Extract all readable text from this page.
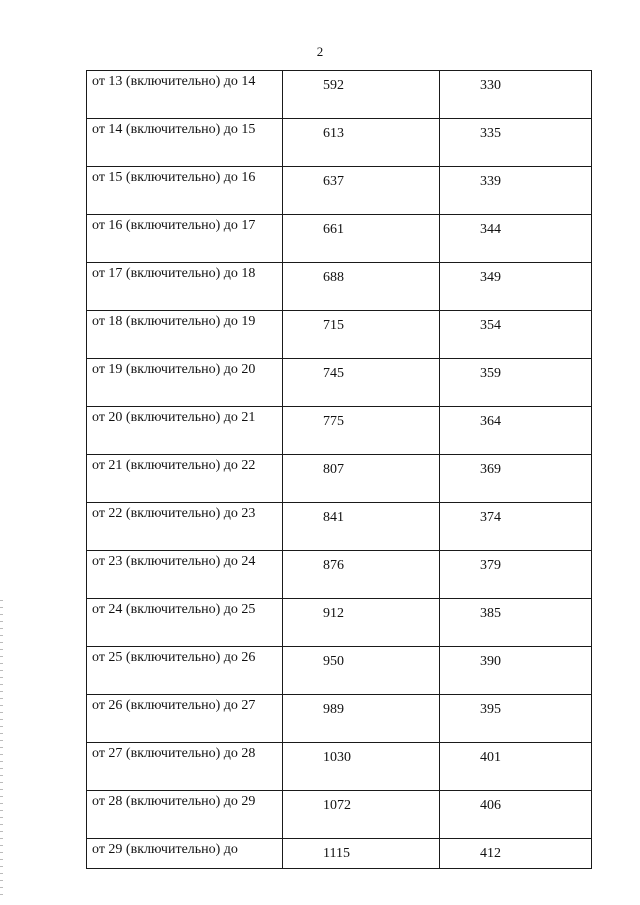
2
от 13 (включительно) до 14	592	330

от 14 (включительно) до 15	613	335

от 15 (включительно) до 16	637	339

от 16 (включительно) до 17	661	344

от 17 (включительно) до 18	688	349

от 18 (включительно) до 19	715	354

от 19 (включительно) до 20	745	359

от 20 (включительно) до 21	775	364

от 21 (включительно) до 22	807	369

от 22 (включительно) до 23	841	374

от 23 (включительно) до 24	876	379

от 24 (включительно) до 25	912	385

от 25 (включительно) до 26	950	390

от 26 (включительно) до 27	989	395

от 27 (включительно) до 28	1030	401

от 28 (включительно) до 29	1072	406

от 29 (включительно) до	1115	412
